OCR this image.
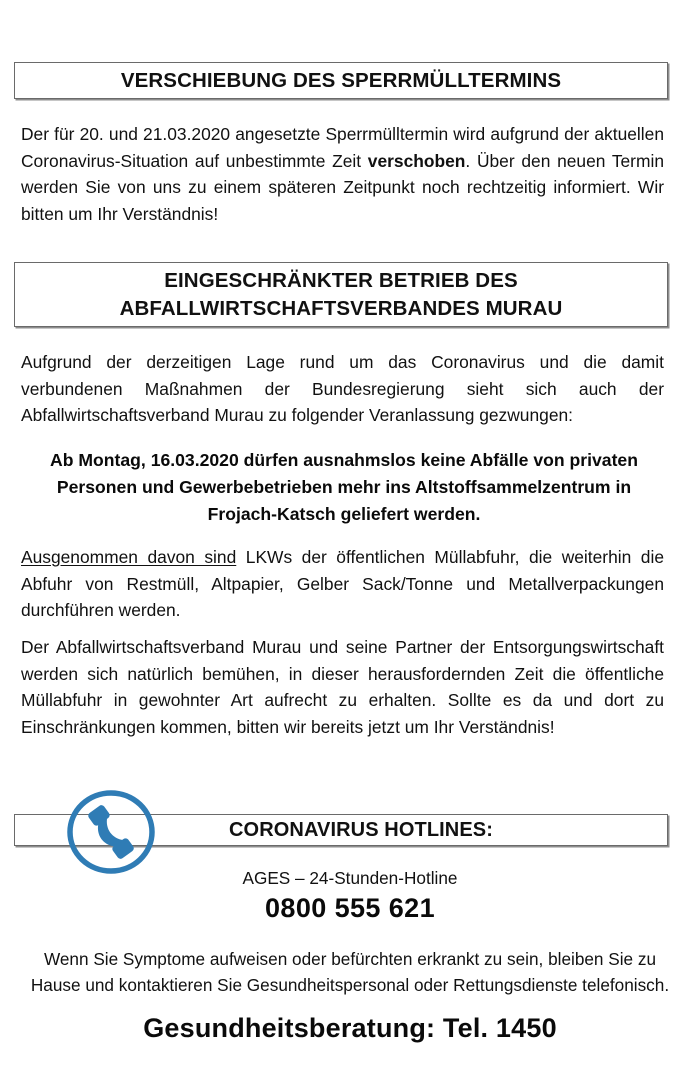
VERSCHIEBUNG DES SPERRMÜLLTERMINS
Der für 20. und 21.03.2020 angesetzte Sperrmülltermin wird aufgrund der aktuellen Coronavirus-Situation auf unbestimmte Zeit verschoben. Über den neuen Termin werden Sie von uns zu einem späteren Zeitpunkt noch rechtzeitig informiert. Wir bitten um Ihr Verständnis!
EINGESCHRÄNKTER BETRIEB DES
ABFALLWIRTSCHAFTSVERBANDES MURAU
Aufgrund der derzeitigen Lage rund um das Coronavirus und die damit verbundenen Maßnahmen der Bundesregierung sieht sich auch der Abfallwirtschaftsverband Murau zu folgender Veranlassung gezwungen:
Ab Montag, 16.03.2020 dürfen ausnahmslos keine Abfälle von privaten Personen und Gewerbebetrieben mehr ins Altstoffsammelzentrum in Frojach-Katsch geliefert werden.
Ausgenommen davon sind LKWs der öffentlichen Müllabfuhr, die weiterhin die Abfuhr von Restmüll, Altpapier, Gelber Sack/Tonne und Metallverpackungen durchführen werden.
Der Abfallwirtschaftsverband Murau und seine Partner der Entsorgungswirtschaft werden sich natürlich bemühen, in dieser herausfordernden Zeit die öffentliche Müllabfuhr in gewohnter Art aufrecht zu erhalten. Sollte es da und dort zu Einschränkungen kommen, bitten wir bereits jetzt um Ihr Verständnis!
CORONAVIRUS HOTLINES:
AGES – 24-Stunden-Hotline
0800 555 621
Wenn Sie Symptome aufweisen oder befürchten erkrankt zu sein, bleiben Sie zu Hause und kontaktieren Sie Gesundheitspersonal oder Rettungsdienste telefonisch.
Gesundheitsberatung: Tel. 1450
